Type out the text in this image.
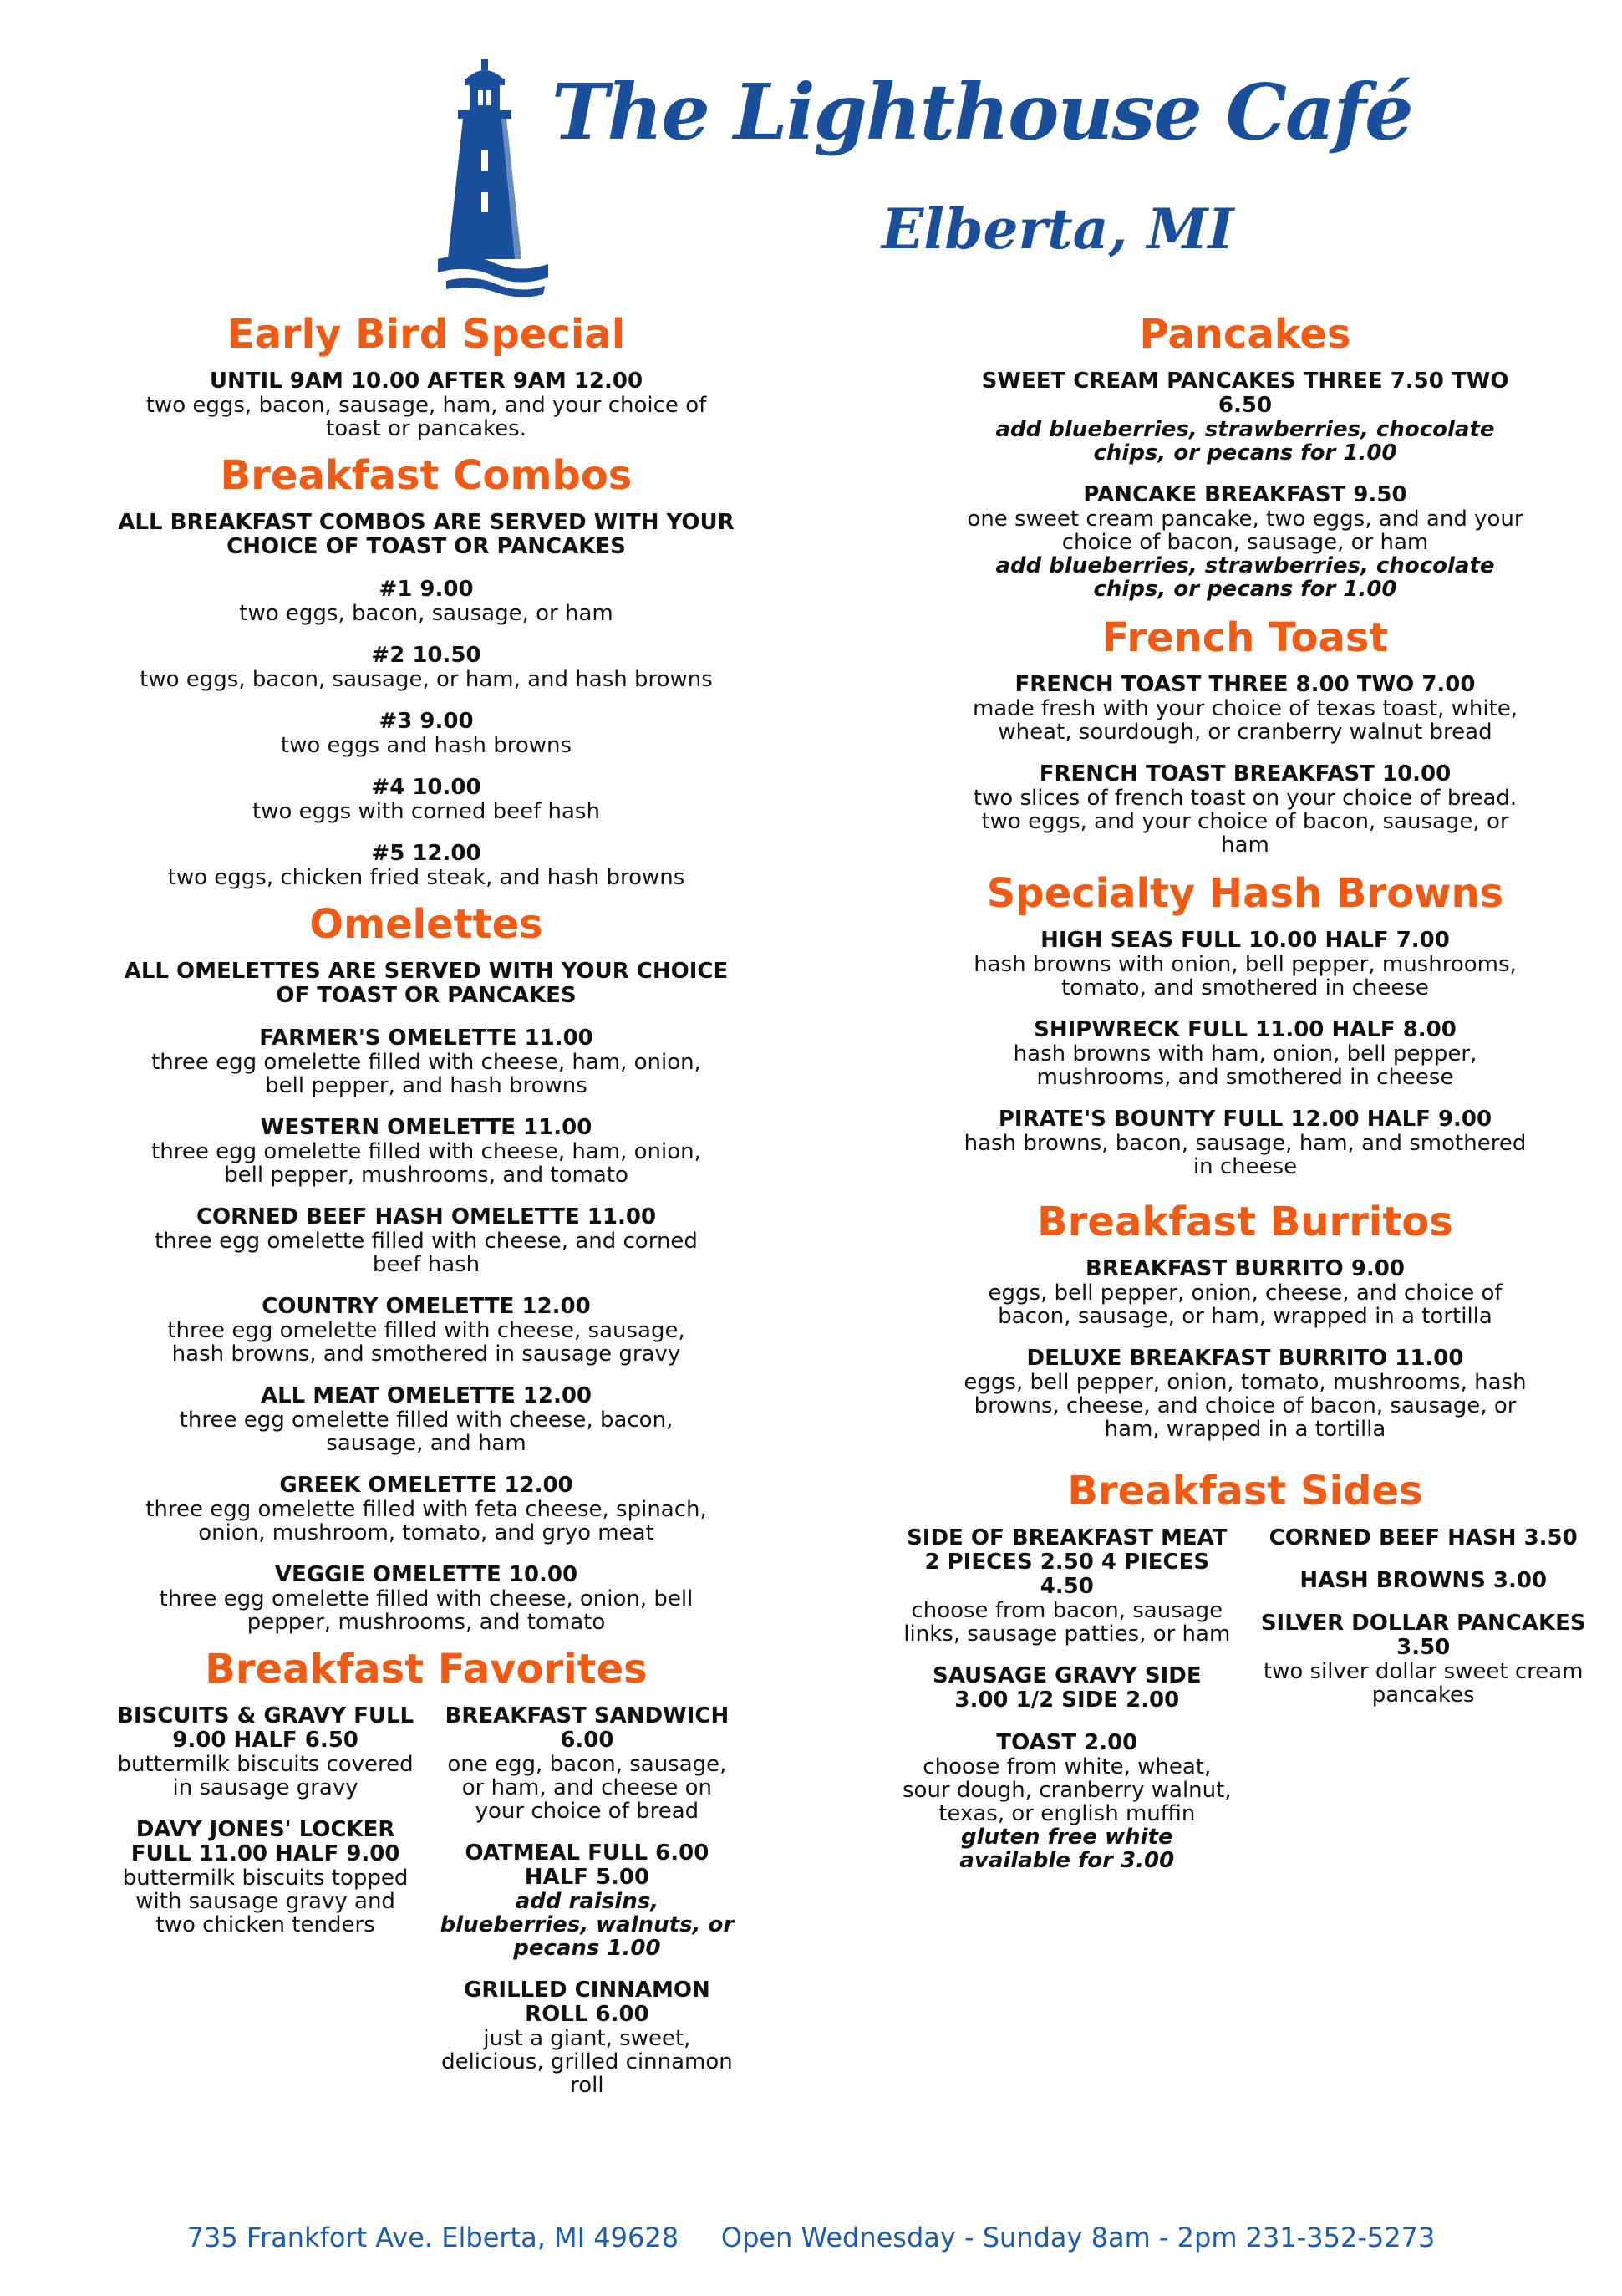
The Lighthouse Café
Elberta, MI
Early Bird Special
UNTIL 9AM 10.00 AFTER 9AM 12.00
two eggs, bacon, sausage, ham, and your choice of toast or pancakes.
Breakfast Combos
ALL BREAKFAST COMBOS ARE SERVED WITH YOUR CHOICE OF TOAST OR PANCAKES
#1 9.00
two eggs, bacon, sausage, or ham
#2 10.50
two eggs, bacon, sausage, or ham, and hash browns
#3 9.00
two eggs and hash browns
#4 10.00
two eggs with corned beef hash
#5 12.00
two eggs, chicken fried steak, and hash browns
Omelettes
ALL OMELETTES ARE SERVED WITH YOUR CHOICE OF TOAST OR PANCAKES
FARMER'S OMELETTE 11.00
three egg omelette filled with cheese, ham, onion, bell pepper, and hash browns
WESTERN OMELETTE 11.00
three egg omelette filled with cheese, ham, onion, bell pepper, mushrooms, and tomato
CORNED BEEF HASH OMELETTE 11.00
three egg omelette filled with cheese, and corned beef hash
COUNTRY OMELETTE 12.00
three egg omelette filled with cheese, sausage, hash browns, and smothered in sausage gravy
ALL MEAT OMELETTE 12.00
three egg omelette filled with cheese, bacon, sausage, and ham
GREEK OMELETTE 12.00
three egg omelette filled with feta cheese, spinach, onion, mushroom, tomato, and gryo meat
VEGGIE OMELETTE 10.00
three egg omelette filled with cheese, onion, bell pepper, mushrooms, and tomato
Breakfast Favorites
BISCUITS & GRAVY FULL 9.00 HALF 6.50
buttermilk biscuits covered in sausage gravy
DAVY JONES' LOCKER FULL 11.00 HALF 9.00
buttermilk biscuits topped with sausage gravy and two chicken tenders
BREAKFAST SANDWICH 6.00
one egg, bacon, sausage, or ham, and cheese on your choice of bread
OATMEAL FULL 6.00 HALF 5.00
add raisins, blueberries, walnuts, or pecans 1.00
GRILLED CINNAMON ROLL 6.00
just a giant, sweet, delicious, grilled cinnamon roll
Pancakes
SWEET CREAM PANCAKES THREE 7.50 TWO 6.50
add blueberries, strawberries, chocolate chips, or pecans for 1.00
PANCAKE BREAKFAST 9.50
one sweet cream pancake, two eggs, and and your choice of bacon, sausage, or ham
add blueberries, strawberries, chocolate chips, or pecans for 1.00
French Toast
FRENCH TOAST THREE 8.00 TWO 7.00
made fresh with your choice of texas toast, white, wheat, sourdough, or cranberry walnut bread
FRENCH TOAST BREAKFAST 10.00
two slices of french toast on your choice of bread. two eggs, and your choice of bacon, sausage, or ham
Specialty Hash Browns
HIGH SEAS FULL 10.00 HALF 7.00
hash browns with onion, bell pepper, mushrooms, tomato, and smothered in cheese
SHIPWRECK FULL 11.00 HALF 8.00
hash browns with ham, onion, bell pepper, mushrooms, and smothered in cheese
PIRATE'S BOUNTY FULL 12.00 HALF 9.00
hash browns, bacon, sausage, ham, and smothered in cheese
Breakfast Burritos
BREAKFAST BURRITO 9.00
eggs, bell pepper, onion, cheese, and choice of bacon, sausage, or ham, wrapped in a tortilla
DELUXE BREAKFAST BURRITO 11.00
eggs, bell pepper, onion, tomato, mushrooms, hash browns, cheese, and choice of bacon, sausage, or ham, wrapped in a tortilla
Breakfast Sides
SIDE OF BREAKFAST MEAT 2 PIECES 2.50 4 PIECES 4.50
choose from bacon, sausage links, sausage patties, or ham
SAUSAGE GRAVY SIDE 3.00 1/2 SIDE 2.00
TOAST 2.00
choose from white, wheat, sour dough, cranberry walnut, texas, or english muffin
gluten free white available for 3.00
CORNED BEEF HASH 3.50
HASH BROWNS 3.00
SILVER DOLLAR PANCAKES 3.50
two silver dollar sweet cream pancakes
735 Frankfort Ave. Elberta, MI 49628     Open Wednesday - Sunday 8am - 2pm 231-352-5273
